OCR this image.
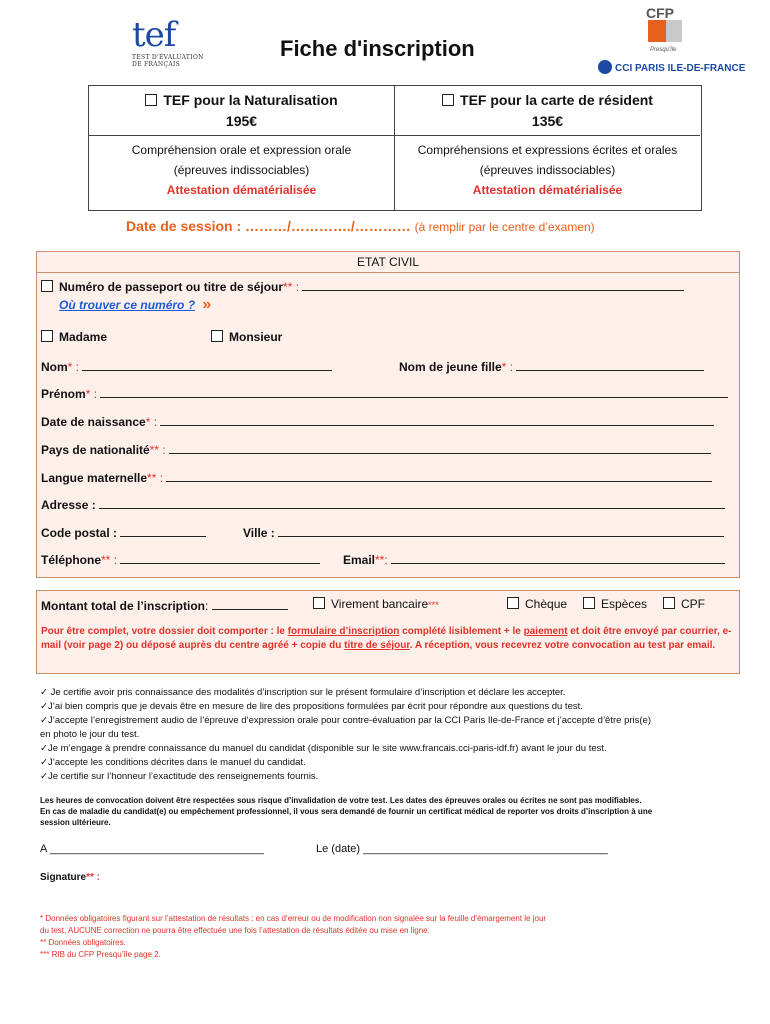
tef
TEST D'ÉVALUATION
DE FRANÇAIS
Fiche d'inscription
CFP
Presqu'île
CCI PARIS ILE-DE-FRANCE
TEF pour la Naturalisation
195€
Compréhension orale et expression orale
(épreuves indissociables)
Attestation dématérialisée
TEF pour la carte de résident
135€
Compréhensions et expressions écrites et orales
(épreuves indissociables)
Attestation dématérialisée
Date de session : ………/…………./………… (à remplir par le centre d’examen)
ETAT CIVIL
Numéro de passeport ou titre de séjour** :
Où trouver ce numéro ? »
Madame	Monsieur
Nom* :	Nom de jeune fille* :
Prénom* :
Date de naissance* :
Pays de nationalité** :
Langue maternelle** :
Adresse :
Code postal :	Ville :
Téléphone** :	Email**:
Montant total de l’inscription:	Virement bancaire***	Chèque	Espèces	CPF
Pour être complet, votre dossier doit comporter : le formulaire d’inscription complété lisiblement + le paiement et doit être envoyé par courrier, e-mail (voir page 2) ou déposé auprès du centre agréé + copie du titre de séjour. A réception, vous recevrez votre convocation au test par email.
✓ Je certifie avoir pris connaissance des modalités d’inscription sur le présent formulaire d’inscription et déclare les accepter.
✓J’ai bien compris que je devais être en mesure de lire des propositions formulées par écrit pour répondre aux questions du test.
✓J’accepte l’enregistrement audio de l’épreuve d’expression orale pour contre-évaluation par la CCI Paris Ile-de-France et j’accepte d’être pris(e)
en photo le jour du test.
✓Je m’engage à prendre connaissance du manuel du candidat (disponible sur le site www.francais.cci-paris-idf.fr) avant le jour du test.
✓J’accepte les conditions décrites dans le manuel du candidat.
✓Je certifie sur l’honneur l’exactitude des renseignements fournis.
Les heures de convocation doivent être respectées sous risque d’invalidation de votre test. Les dates des épreuves orales ou écrites ne sont pas modifiables.
En cas de maladie du candidat(e) ou empêchement professionnel, il vous sera demandé de fournir un certificat médical de reporter vos droits d’inscription à une
session ultérieure.
A ___________________________________	Le (date) ________________________________________
Signature** :
* Données obligatoires figurant sur l’attestation de résultats : en cas d’erreur ou de modification non signalée sur la feuille d’émargement le jour
du test, AUCUNE correction ne pourra être effectuée une fois l’attestation de résultats éditée ou mise en ligne.
** Données obligatoires.
*** RIB du CFP Presqu’île page 2.
